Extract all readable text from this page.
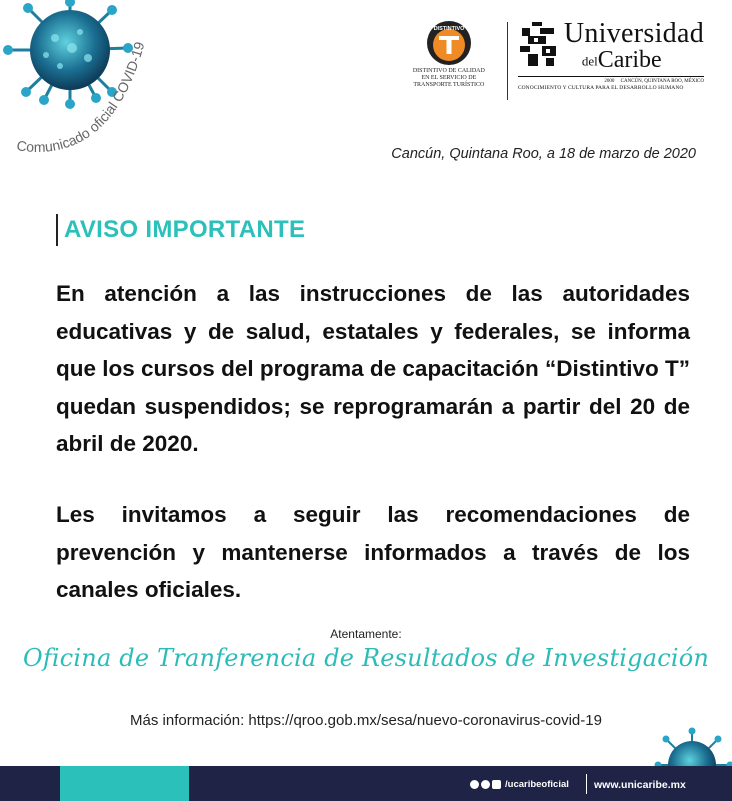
Comunicado oficial COVID-19
DISTINTIVO
DISTINTIVO DE CALIDAD
EN EL SERVICIO DE
TRANSPORTE TURÍSTICO
Universidad
delCaribe
2000 CANCÚN, QUINTANA ROO, MÉXICO
CONOCIMIENTO Y CULTURA PARA EL DESARROLLO HUMANO
Cancún, Quintana Roo, a 18 de marzo de 2020
AVISO IMPORTANTE
En atención a las instrucciones de las autoridades educativas y de salud, estatales y federales, se informa que los cursos del programa de capacitación “Distintivo T” quedan suspendidos; se reprogramarán a partir del 20 de abril de 2020.
Les invitamos a seguir las recomendaciones de prevención y mantenerse informados a través de los canales oficiales.
Atentamente:
Oficina de Tranferencia de Resultados de Investigación
Más información: https://qroo.gob.mx/sesa/nuevo-coronavirus-covid-19
/ucaribeoficial www.unicaribe.mx
